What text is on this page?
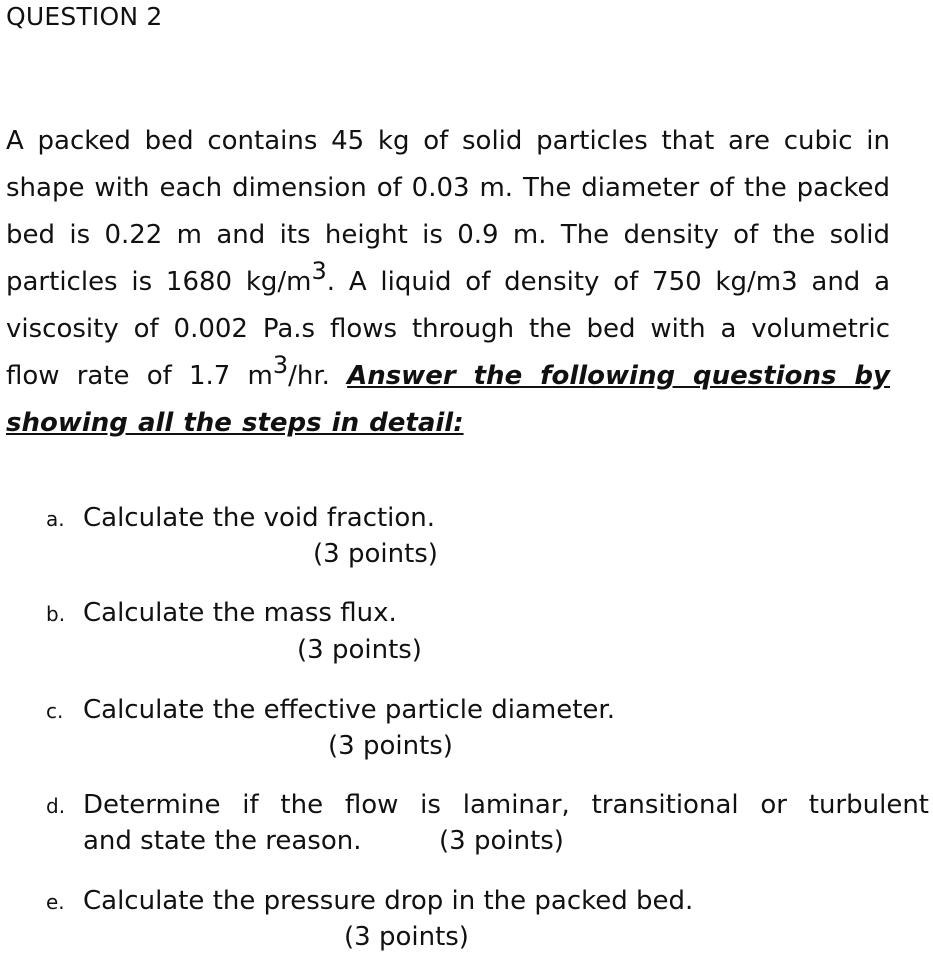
QUESTION 2
A packed bed contains 45 kg of solid particles that are cubic in shape with each dimension of 0.03 m. The diameter of the packed bed is 0.22 m and its height is 0.9 m. The density of the solid particles is 1680 $kg/m^3$. A liquid of density of 750 kg/m3 and a viscosity of 0.002 Pa.s flows through the bed with a volumetric flow rate of 1.7 $m^3/hr$. Answer the following questions by showing all the steps in detail:
a. Calculate the void fraction.
(3 points)
b. Calculate the mass flux.
(3 points)
c. Calculate the effective particle diameter.
(3 points)
d. Determine if the flow is laminar, transitional or turbulent
and state the reason.	(3 points)
e. Calculate the pressure drop in the packed bed.
(3 points)
